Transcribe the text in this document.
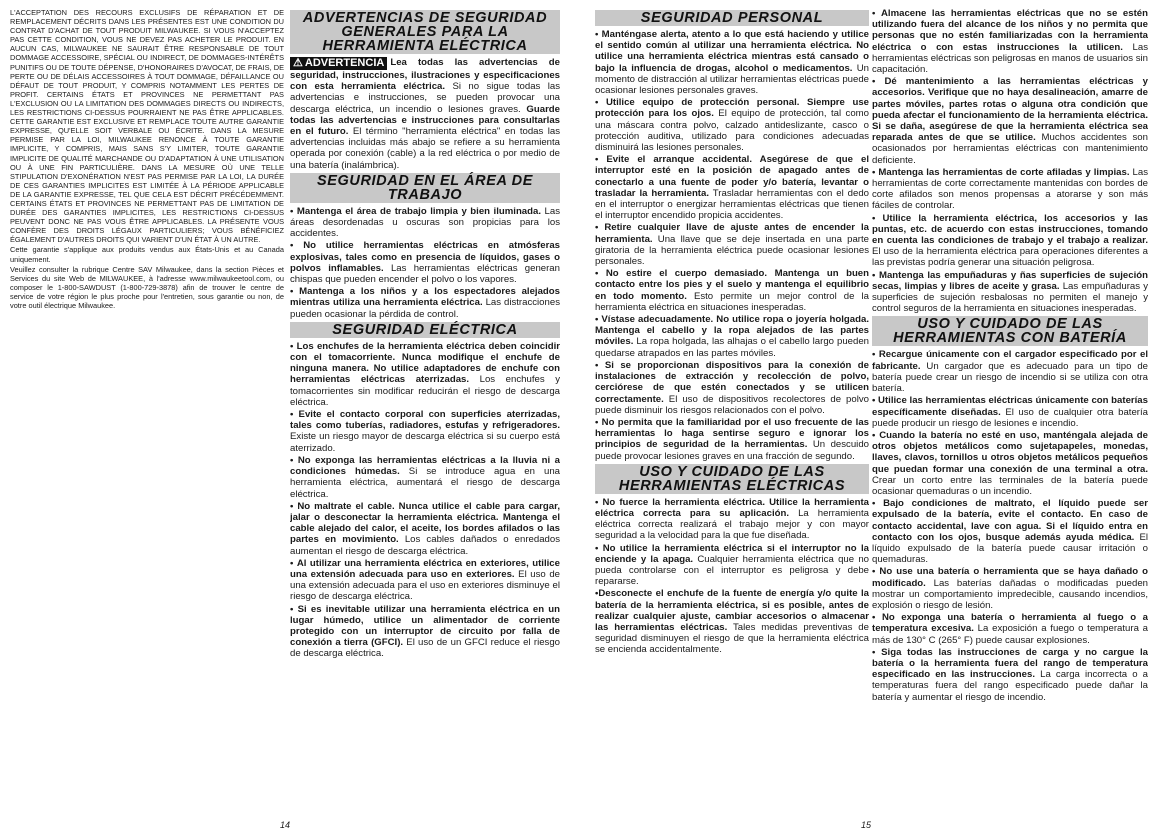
L'ACCEPTATION DES RECOURS EXCLUSIFS DE RÉPARATION ET DE REMPLACEMENT DÉCRITS DANS LES PRÉSENTES EST UNE CONDITION DU CONTRAT D'ACHAT DE TOUT PRODUIT MILWAUKEE. SI VOUS N'ACCEPTEZ PAS CETTE CONDITION, VOUS NE DEVEZ PAS ACHETER LE PRODUIT. EN AUCUN CAS, MILWAUKEE NE SAURAIT ÊTRE RESPONSABLE DE TOUT DOMMAGE ACCESSOIRE, SPÉCIAL OU INDIRECT, DE DOMMAGES-INTÉRÊTS PUNITIFS OU DE TOUTE DÉPENSE, D'HONORAIRES D'AVOCAT, DE FRAIS, DE PERTE OU DE DÉLAIS ACCESSOIRES À TOUT DOMMAGE, DÉFAILLANCE OU DÉFAUT DE TOUT PRODUIT, Y COMPRIS NOTAMMENT LES PERTES DE PROFIT. CERTAINS ÉTATS ET PROVINCES NE PERMETTANT PAS L'EXCLUSION OU LA LIMITATION DES DOMMAGES DIRECTS OU INDIRECTS, LES RESTRICTIONS CI-DESSUS POURRAIENT NE PAS ÊTRE APPLICABLES. CETTE GARANTIE EST EXCLUSIVE ET REMPLACE TOUTE AUTRE GARANTIE EXPRESSE, QU'ELLE SOIT VERBALE OU ÉCRITE. DANS LA MESURE PERMISE PAR LA LOI, MILWAUKEE RENONCE À TOUTE GARANTIE IMPLICITE, Y COMPRIS, MAIS SANS S'Y LIMITER, TOUTE GARANTIE IMPLICITE DE QUALITÉ MARCHANDE OU D'ADAPTATION À UNE UTILISATION OU À UNE FIN PARTICULIÈRE. DANS LA MESURE OÙ UNE TELLE STIPULATION D'EXONÉRATION N'EST PAS PERMISE PAR LA LOI, LA DURÉE DE CES GARANTIES IMPLICITES EST LIMITÉE À LA PÉRIODE APPLICABLE DE LA GARANTIE EXPRESSE, TEL QUE CELA EST DÉCRIT PRÉCÉDEMMENT. CERTAINS ÉTATS ET PROVINCES NE PERMETTANT PAS DE LIMITATION DE DURÉE DES GARANTIES IMPLICITES, LES RESTRICTIONS CI-DESSUS PEUVENT DONC NE PAS VOUS ÊTRE APPLICABLES. LA PRÉSENTE VOUS CONFÈRE DES DROITS LÉGAUX PARTICULIERS; VOUS BÉNÉFICIEZ ÉGALEMENT D'AUTRES DROITS QUI VARIENT D'UN ÉTAT À UN AUTRE.

Cette garantie s'applique aux produits vendus aux États-Unis et au Canada uniquement.

Veuillez consulter la rubrique Centre SAV Milwaukee, dans la section Pièces et Services du site Web de MILWAUKEE, à l'adresse www.milwaukeetool.com, ou composer le 1-800-SAWDUST (1-800-729-3878) afin de trouver le centre de service de votre région le plus proche pour l'entretien, sous garantie ou non, de votre outil électrique Milwaukee.

ADVERTENCIAS DE SEGURIDAD GENERALES PARA LA HERRAMIENTA ELÉCTRICA

⚠ ADVERTENCIA Lea todas las advertencias de seguridad, instrucciones, ilustraciones y especificaciones con esta herramienta eléctrica. Si no sigue todas las advertencias e instrucciones, se pueden provocar una descarga eléctrica, un incendio o lesiones graves. Guarde todas las advertencias e instrucciones para consultarlas en el futuro. El término "herramienta eléctrica" en todas las advertencias incluidas más abajo se refiere a su herramienta operada por conexión (cable) a la red eléctrica o por medio de una batería (inalámbrica).

SEGURIDAD EN EL ÁREA DE TRABAJO

• Mantenga el área de trabajo limpia y bien iluminada. Las áreas desordenadas u oscuras son propicias para los accidentes.

• No utilice herramientas eléctricas en atmósferas explosivas, tales como en presencia de líquidos, gases o polvos inflamables. Las herramientas eléctricas generan chispas que pueden encender el polvo o los vapores.

• Mantenga a los niños y a los espectadores alejados mientras utiliza una herramienta eléctrica. Las distracciones pueden ocasionar la pérdida de control.

SEGURIDAD ELÉCTRICA

• Los enchufes de la herramienta eléctrica deben coincidir con el tomacorriente. Nunca modifique el enchufe de ninguna manera. No utilice adaptadores de enchufe con herramientas eléctricas aterrizadas. Los enchufes y tomacorrientes sin modificar reducirán el riesgo de descarga eléctrica.

• Evite el contacto corporal con superficies aterrizadas, tales como tuberías, radiadores, estufas y refrigeradores. Existe un riesgo mayor de descarga eléctrica si su cuerpo está aterrizado.

• No exponga las herramientas eléctricas a la lluvia ni a condiciones húmedas. Si se introduce agua en una herramienta eléctrica, aumentará el riesgo de descarga eléctrica.

• No maltrate el cable. Nunca utilice el cable para cargar, jalar o desconectar la herramienta eléctrica. Mantenga el cable alejado del calor, el aceite, los bordes afilados o las partes en movimiento. Los cables dañados o enredados aumentan el riesgo de descarga eléctrica.

• Al utilizar una herramienta eléctrica en exteriores, utilice una extensión adecuada para uso en exteriores. El uso de una extensión adecuada para el uso en exteriores disminuye el riesgo de descarga eléctrica.

• Si es inevitable utilizar una herramienta eléctrica en un lugar húmedo, utilice un alimentador de corriente protegido con un interruptor de circuito por falla de conexión a tierra (GFCI). El uso de un GFCI reduce el riesgo de descarga eléctrica.

14
SEGURIDAD PERSONAL

• Manténgase alerta, atento a lo que está haciendo y utilice el sentido común al utilizar una herramienta eléctrica. No utilice una herramienta eléctrica mientras está cansado o bajo la influencia de drogas, alcohol o medicamentos. Un momento de distracción al utilizar herramientas eléctricas puede ocasionar lesiones personales graves.

• Utilice equipo de protección personal. Siempre use protección para los ojos. El equipo de protección, tal como una máscara contra polvo, calzado antideslizante, casco o protección auditiva, utilizado para condiciones adecuadas disminuirá las lesiones personales.

• Evite el arranque accidental. Asegúrese de que el interruptor esté en la posición de apagado antes de conectarlo a una fuente de poder y/o batería, levantar o trasladar la herramienta. Trasladar herramientas con el dedo en el interruptor o energizar herramientas eléctricas que tienen el interruptor encendido propicia accidentes.

• Retire cualquier llave de ajuste antes de encender la herramienta. Una llave que se deje insertada en una parte giratoria de la herramienta eléctrica puede ocasionar lesiones personales.

• No estire el cuerpo demasiado. Mantenga un buen contacto entre los pies y el suelo y mantenga el equilibrio en todo momento. Esto permite un mejor control de la herramienta eléctrica en situaciones inesperadas.

• Vístase adecuadamente. No utilice ropa o joyería holgada. Mantenga el cabello y la ropa alejados de las partes móviles. La ropa holgada, las alhajas o el cabello largo pueden quedarse atrapados en las partes móviles.

• Si se proporcionan dispositivos para la conexión de instalaciones de extracción y recolección de polvo, cerciórese de que estén conectados y se utilicen correctamente. El uso de dispositivos recolectores de polvo puede disminuir los riesgos relacionados con el polvo.

• No permita que la familiaridad por el uso frecuente de las herramientas lo haga sentirse seguro e ignorar los principios de seguridad de la herramientas. Un descuido puede provocar lesiones graves en una fracción de segundo.

USO Y CUIDADO DE LAS HERRAMIENTAS ELÉCTRICAS

• No fuerce la herramienta eléctrica. Utilice la herramienta eléctrica correcta para su aplicación. La herramienta eléctrica correcta realizará el trabajo mejor y con mayor seguridad a la velocidad para la que fue diseñada.

• No utilice la herramienta eléctrica si el interruptor no la enciende y la apaga. Cualquier herramienta eléctrica que no pueda controlarse con el interruptor es peligrosa y debe repararse.

•Desconecte el enchufe de la fuente de energía y/o quite la batería de la herramienta eléctrica, si es posible, antes de realizar cualquier ajuste, cambiar accesorios o almacenar las herramientas eléctricas. Tales medidas preventivas de seguridad disminuyen el riesgo de que la herramienta eléctrica se encienda accidentalmente.

• Almacene las herramientas eléctricas que no se estén utilizando fuera del alcance de los niños y no permita que personas que no estén familiarizadas con la herramienta eléctrica o con estas instrucciones la utilicen. Las herramientas eléctricas son peligrosas en manos de usuarios sin capacitación.

• Dé mantenimiento a las herramientas eléctricas y accesorios. Verifique que no haya desalineación, amarre de partes móviles, partes rotas o alguna otra condición que pueda afectar el funcionamiento de la herramienta eléctrica. Si se daña, asegúrese de que la herramienta eléctrica sea reparada antes de que se utilice. Muchos accidentes son ocasionados por herramientas eléctricas con mantenimiento deficiente.

• Mantenga las herramientas de corte afiladas y limpias. Las herramientas de corte correctamente mantenidas con bordes de corte afilados son menos propensas a atorarse y son más fáciles de controlar.

• Utilice la herramienta eléctrica, los accesorios y las puntas, etc. de acuerdo con estas instrucciones, tomando en cuenta las condiciones de trabajo y el trabajo a realizar. El uso de la herramienta eléctrica para operaciones diferentes a las previstas podría generar una situación peligrosa.

• Mantenga las empuñaduras y ñas superficies de sujeción secas, limpias y libres de aceite y grasa. Las empuñaduras y superficies de sujeción resbalosas no permiten el manejo y control seguros de la herramienta en situaciones inesperadas.

USO Y CUIDADO DE LAS HERRAMIENTAS CON BATERÍA

• Recargue únicamente con el cargador especificado por el fabricante. Un cargador que es adecuado para un tipo de batería puede crear un riesgo de incendio si se utiliza con otra batería.

• Utilice las herramientas eléctricas únicamente con baterías específicamente diseñadas. El uso de cualquier otra batería puede producir un riesgo de lesiones e incendio.

• Cuando la batería no esté en uso, manténgala alejada de otros objetos metálicos como sujetapapeles, monedas, llaves, clavos, tornillos u otros objetos metálicos pequeños que puedan formar una conexión de una terminal a otra. Crear un corto entre las terminales de la batería puede ocasionar quemaduras o un incendio.

• Bajo condiciones de maltrato, el líquido puede ser expulsado de la batería, evite el contacto. En caso de contacto accidental, lave con agua. Si el líquido entra en contacto con los ojos, busque además ayuda médica. El líquido expulsado de la batería puede causar irritación o quemaduras.

• No use una batería o herramienta que se haya dañado o modificado. Las baterías dañadas o modificadas pueden mostrar un comportamiento impredecible, causando incendios, explosión o riesgo de lesión.

• No exponga una batería o herramienta al fuego o a temperatura excesiva. La exposición a fuego o temperatura a más de 130° C (265° F) puede causar explosiones.

• Siga todas las instrucciones de carga y no cargue la batería o la herramienta fuera del rango de temperatura especificado en las instrucciones. La carga incorrecta o a temperaturas fuera del rango especificado puede dañar la batería y aumentar el riesgo de incendio.

15
